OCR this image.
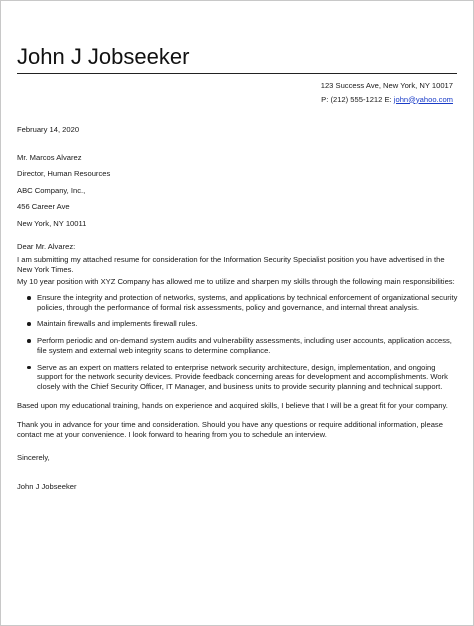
John J Jobseeker
123 Success Ave, New York, NY 10017
P: (212) 555-1212 E: john@yahoo.com
February 14, 2020
Mr. Marcos Alvarez
Director, Human Resources
ABC Company, Inc.,
456 Career Ave
New York, NY 10011

Dear Mr. Alvarez:

I am submitting my attached resume for consideration for the Information Security Specialist position you have advertised in the New York Times.

My 10 year position with XYZ Company has allowed me to utilize and sharpen my skills through the following main responsibilities:

Ensure the integrity and protection of networks, systems, and applications by technical enforcement of organizational security policies, through the performance of formal risk assessments, policy and governance, and internal threat analysis.
Maintain firewalls and implements firewall rules.
Perform periodic and on-demand system audits and vulnerability assessments, including user accounts, application access, file system and external web integrity scans to determine compliance.
Serve as an expert on matters related to enterprise network security architecture, design, implementation, and ongoing support for the network security devices. Provide feedback concerning areas for development and accomplishments. Work closely with the Chief Security Officer, IT Manager, and business units to provide security planning and technical support.

Based upon my educational training, hands on experience and acquired skills, I believe that I will be a great fit for your company.

Thank you in advance for your time and consideration. Should you have any questions or require additional information, please contact me at your convenience. I look forward to hearing from you to schedule an interview.

Sincerely,

John J Jobseeker
